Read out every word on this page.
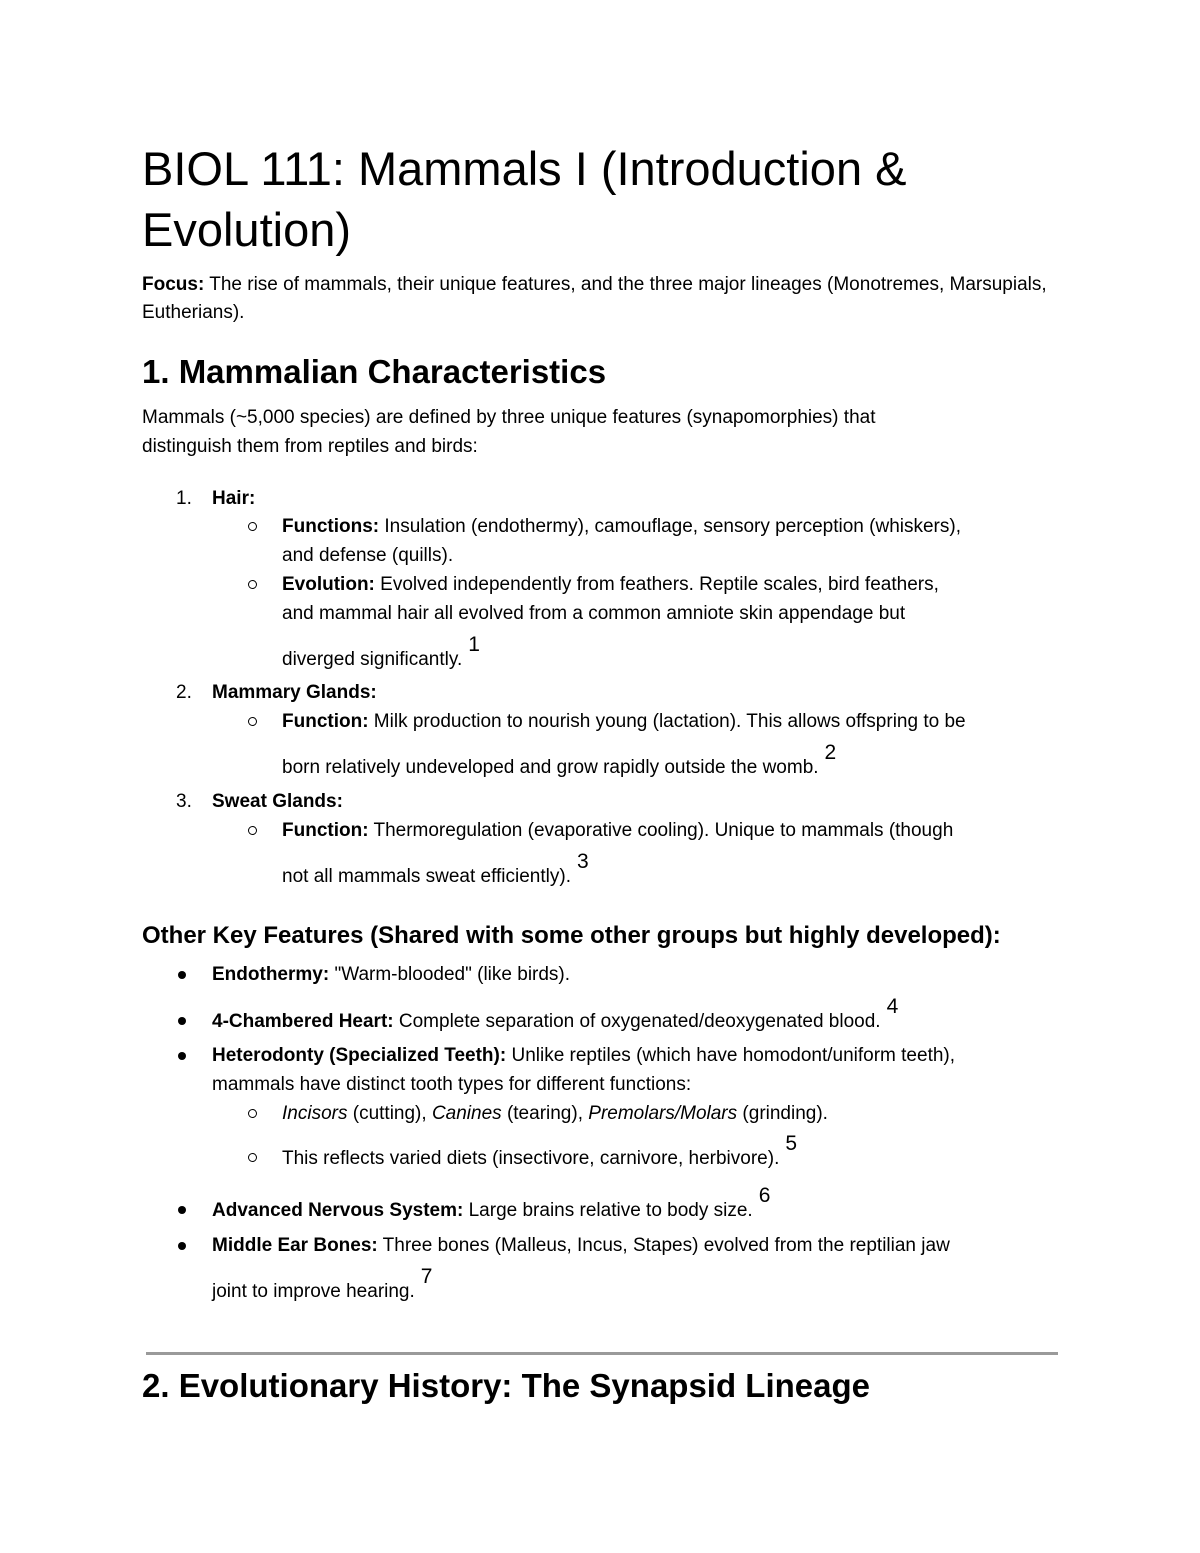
BIOL 111: Mammals I (Introduction & Evolution)

Focus: The rise of mammals, their unique features, and the three major lineages (Monotremes, Marsupials, Eutherians).

1. Mammalian Characteristics
Mammals (~5,000 species) are defined by three unique features (synapomorphies) that
distinguish them from reptiles and birds:
1. Hair:
Functions: Insulation (endothermy), camouflage, sensory perception (whiskers),
and defense (quills).
Evolution: Evolved independently from feathers. Reptile scales, bird feathers,
and mammal hair all evolved from a common amniote skin appendage but
diverged significantly.1
2. Mammary Glands:
Function: Milk production to nourish young (lactation). This allows offspring to be
born relatively undeveloped and grow rapidly outside the womb.2
3. Sweat Glands:
Function: Thermoregulation (evaporative cooling). Unique to mammals (though
not all mammals sweat efficiently).3
Other Key Features (Shared with some other groups but highly developed):
Endothermy: "Warm-blooded" (like birds).
4-Chambered Heart: Complete separation of oxygenated/deoxygenated blood.4
Heterodonty (Specialized Teeth): Unlike reptiles (which have homodont/uniform teeth),
mammals have distinct tooth types for different functions:
Incisors (cutting), Canines (tearing), Premolars/Molars (grinding).
This reflects varied diets (insectivore, carnivore, herbivore).5
Advanced Nervous System: Large brains relative to body size.6
Middle Ear Bones: Three bones (Malleus, Incus, Stapes) evolved from the reptilian jaw
joint to improve hearing.7
2. Evolutionary History: The Synapsid Lineage
